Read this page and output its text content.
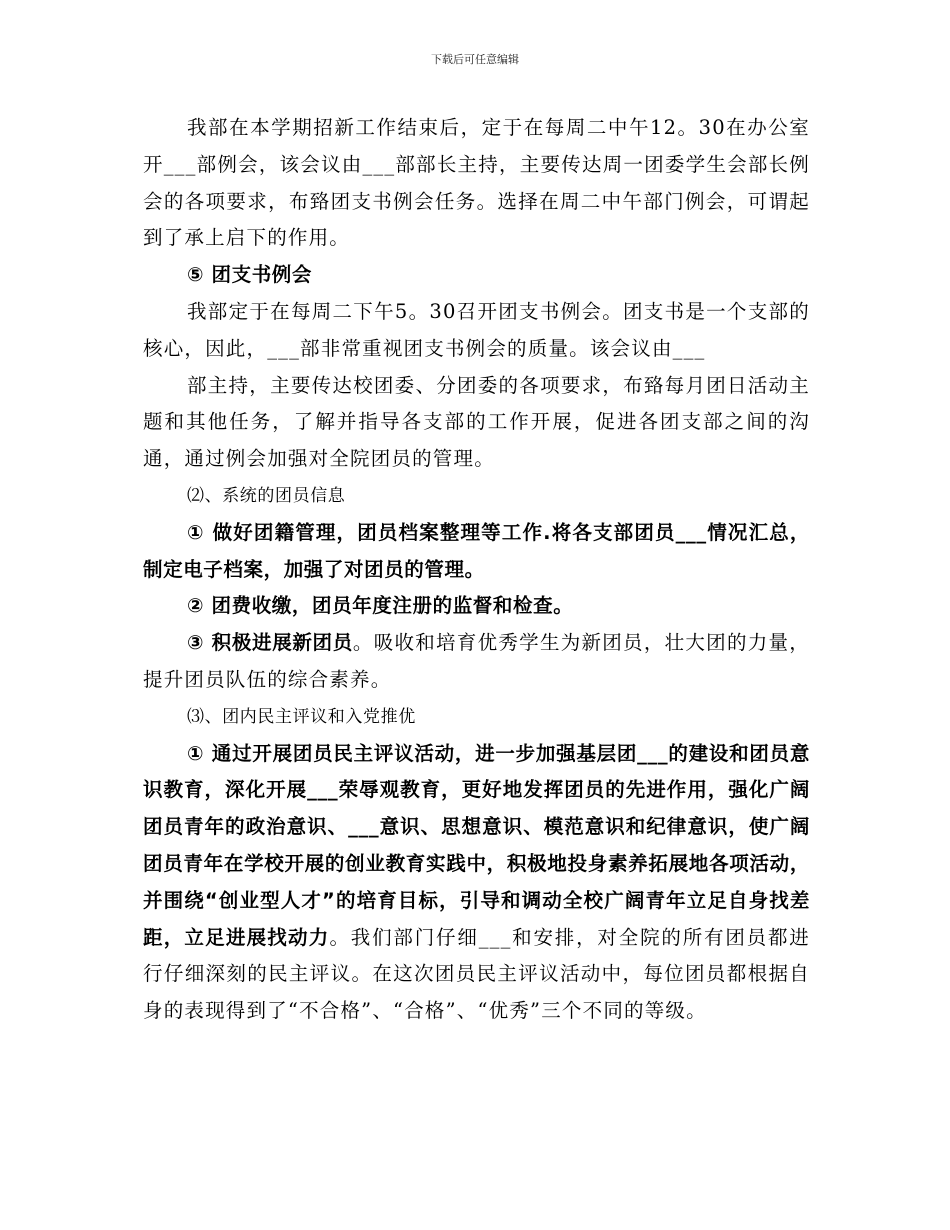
下载后可任意编辑

我部在本学期招新工作结束后，定于在每周二中午12。30在办公室开___部例会，该会议由___部部长主持，主要传达周一团委学生会部长例会的各项要求，布臵团支书例会任务。选择在周二中午部门例会，可谓起到了承上启下的作用。

⑤ 团支书例会

我部定于在每周二下午5。30召开团支书例会。团支书是一个支部的核心，因此，___部非常重视团支书例会的质量。该会议由___

部主持，主要传达校团委、分团委的各项要求，布臵每月团日活动主题和其他任务，了解并指导各支部的工作开展，促进各团支部之间的沟通，通过例会加强对全院团员的管理。

⑵、系统的团员信息

① 做好团籍管理，团员档案整理等工作.将各支部团员___情况汇总，制定电子档案，加强了对团员的管理。

② 团费收缴，团员年度注册的监督和检查。

③ 积极进展新团员。吸收和培育优秀学生为新团员，壮大团的力量，提升团员队伍的综合素养。

⑶、团内民主评议和入党推优

① 通过开展团员民主评议活动，进一步加强基层团___的建设和团员意识教育，深化开展___荣辱观教育，更好地发挥团员的先进作用，强化广阔团员青年的政治意识、___意识、思想意识、模范意识和纪律意识，使广阔团员青年在学校开展的创业教育实践中，积极地投身素养拓展地各项活动，并围绕“创业型人才”的培育目标，引导和调动全校广阔青年立足自身找差距，立足进展找动力。我们部门仔细___和安排，对全院的所有团员都进行仔细深刻的民主评议。在这次团员民主评议活动中，每位团员都根据自身的表现得到了“不合格”、“合格”、“优秀”三个不同的等级。
